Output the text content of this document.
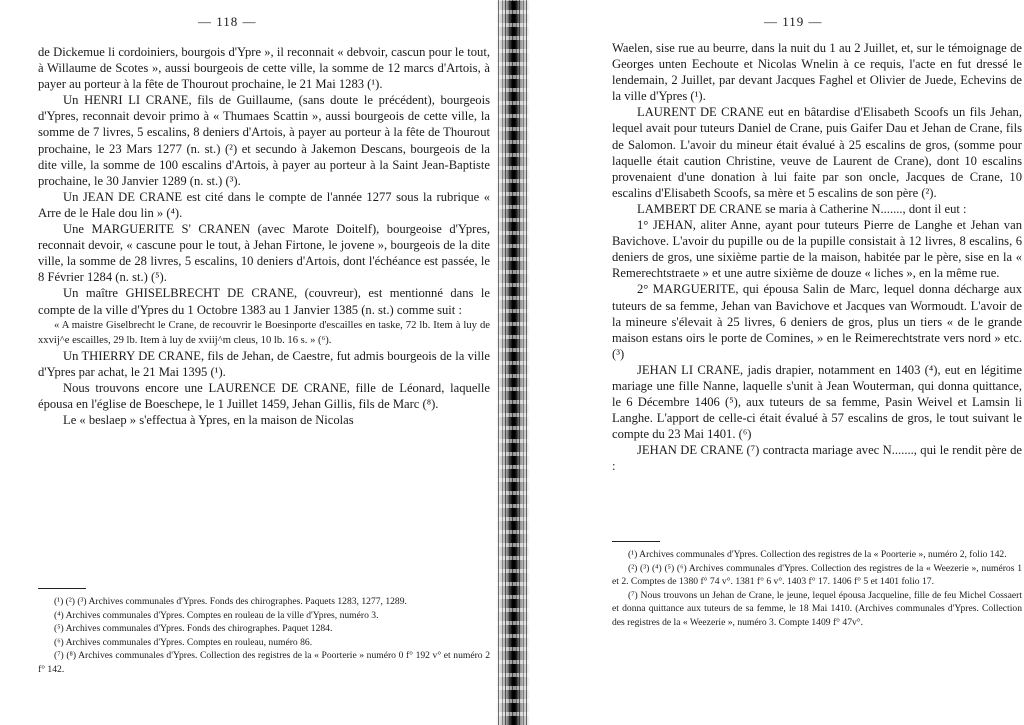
— 118 —

de Dickemue li cordoiniers, bourgois d'Ypre », il reconnait « debvoir, cascun pour le tout, à Willaume de Scotes », aussi bourgeois de cette ville, la somme de 12 marcs d'Artois, à payer au porteur à la fête de Thourout prochaine, le 21 Mai 1283 (¹).

Un HENRI LI CRANE, fils de Guillaume, (sans doute le précédent), bourgeois d'Ypres, reconnait devoir primo à « Thumaes Scattin », aussi bourgeois de cette ville, la somme de 7 livres, 5 escalins, 8 deniers d'Artois, à payer au porteur à la fête de Thourout prochaine, le 23 Mars 1277 (n. st.) (²) et secundo à Jakemon Descans, bourgeois de la dite ville, la somme de 100 escalins d'Artois, à payer au porteur à la Saint Jean-Baptiste prochaine, le 30 Janvier 1289 (n. st.) (³).

Un JEAN DE CRANE est cité dans le compte de l'année 1277 sous la rubrique « Arre de le Hale dou lin » (⁴).

Une MARGUERITE S' CRANEN (avec Marote Doitelf), bourgeoise d'Ypres, reconnait devoir, « cascune pour le tout, à Jehan Firtone, le jovene », bourgeois de la dite ville, la somme de 28 livres, 5 escalins, 10 deniers d'Artois, dont l'échéance est passée, le 8 Février 1284 (n. st.) (⁵).

Un maître GHISELBRECHT DE CRANE, (couvreur), est mentionné dans le compte de la ville d'Ypres du 1 Octobre 1383 au 1 Janvier 1385 (n. st.) comme suit :

« A maistre Giselbrecht le Crane, de recouvrir le Boesinporte d'escailles en taske, 72 lb. Item à luy de xxvij^e escailles, 29 lb. Item à luy de xviij^m cleus, 10 lb. 16 s. » (⁶).

Un THIERRY DE CRANE, fils de Jehan, de Caestre, fut admis bourgeois de la ville d'Ypres par achat, le 21 Mai 1395 (¹).

Nous trouvons encore une LAURENCE DE CRANE, fille de Léonard, laquelle épousa en l'église de Boeschepe, le 1 Juillet 1459, Jehan Gillis, fils de Marc (⁸).

Le « beslaep » s'effectua à Ypres, en la maison de Nicolas

(¹) (²) (³) Archives communales d'Ypres. Fonds des chirographes. Paquets 1283, 1277, 1289.

(⁴) Archives communales d'Ypres. Comptes en rouleau de la ville d'Ypres, numéro 3.

(⁵) Archives communales d'Ypres. Fonds des chirographes. Paquet 1284.

(⁶) Archives communales d'Ypres. Comptes en rouleau, numéro 86.

(⁷) (⁸) Archives communales d'Ypres. Collection des registres de la « Poorterie » numéro 0 f° 192 v° et numéro 2 f° 142.

— 119 —

Waelen, sise rue au beurre, dans la nuit du 1 au 2 Juillet, et, sur le témoignage de Georges unten Eechoute et Nicolas Wnelin à ce requis, l'acte en fut dressé le lendemain, 2 Juillet, par devant Jacques Faghel et Olivier de Juede, Echevins de la ville d'Ypres (¹).

LAURENT DE CRANE eut en bâtardise d'Elisabeth Scoofs un fils Jehan, lequel avait pour tuteurs Daniel de Crane, puis Gaifer Dau et Jehan de Crane, fils de Salomon. L'avoir du mineur était évalué à 25 escalins de gros, (somme pour laquelle était caution Christine, veuve de Laurent de Crane), dont 10 escalins provenaient d'une donation à lui faite par son oncle, Jacques de Crane, 10 escalins d'Elisabeth Scoofs, sa mère et 5 escalins de son père (²).

LAMBERT DE CRANE se maria à Catherine N......., dont il eut :

1° JEHAN, aliter Anne, ayant pour tuteurs Pierre de Langhe et Jehan van Bavichove. L'avoir du pupille ou de la pupille consistait à 12 livres, 8 escalins, 6 deniers de gros, une sixième partie de la maison, habitée par le père, sise en la « Remerechtstraete » et une autre sixième de douze « liches », en la même rue.

2° MARGUERITE, qui épousa Salin de Marc, lequel donna décharge aux tuteurs de sa femme, Jehan van Bavichove et Jacques van Wormoudt. L'avoir de la mineure s'élevait à 25 livres, 6 deniers de gros, plus un tiers « de le grande maison estans oirs le porte de Comines, » en le Reimerechtstrate vers nord » etc. (³)

JEHAN LI CRANE, jadis drapier, notamment en 1403 (⁴), eut en légitime mariage une fille Nanne, laquelle s'unit à Jean Wouterman, qui donna quittance, le 6 Décembre 1406 (⁵), aux tuteurs de sa femme, Pasin Weivel et Lamsin li Langhe. L'apport de celle-ci était évalué à 57 escalins de gros, le tout suivant le compte du 23 Mai 1401. (⁶)

JEHAN DE CRANE (⁷) contracta mariage avec N......., qui le rendit père de :

(¹) Archives communales d'Ypres. Collection des registres de la « Poorterie », numéro 2, folio 142.

(²) (³) (⁴) (⁵) (⁶) Archives communales d'Ypres. Collection des registres de la « Weezerie », numéros 1 et 2. Comptes de 1380 f° 74 v°. 1381 f° 6 v°. 1403 f° 17. 1406 f° 5 et 1401 folio 17.

(⁷) Nous trouvons un Jehan de Crane, le jeune, lequel épousa Jacqueline, fille de feu Michel Cossaert et donna quittance aux tuteurs de sa femme, le 18 Mai 1410. (Archives communales d'Ypres. Collection des registres de la « Weezerie », numéro 3. Compte 1409 f° 47v°.
